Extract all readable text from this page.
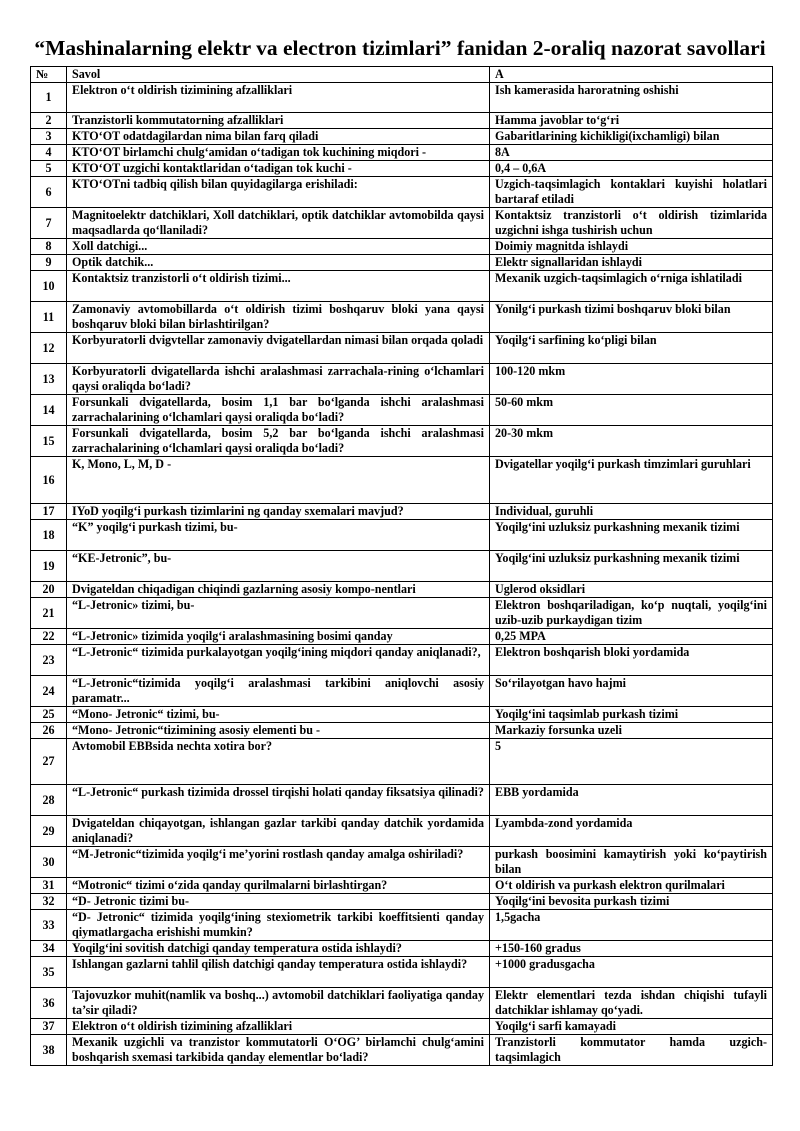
“Mashinalarning elektr va electron tizimlari” fanidan 2-oraliq nazorat savollari
№	Savol	A
1	Elektron o‘t oldirish tizimining afzalliklari	Ish kamerasida haroratning oshishi
2	Tranzistorli kommutatorning afzalliklari	Hamma javoblar to‘g‘ri
3	KTO‘OT odatdagilardan nima bilan farq qiladi	Gabaritlarining kichikligi(ixchamligi) bilan
4	KTO‘OT birlamchi chulg‘amidan o‘tadigan tok kuchining miqdori -	8A
5	KTO‘OT uzgichi kontaktlaridan o‘tadigan tok kuchi -	0,4 – 0,6A
6	KTO‘OTni tadbiq qilish bilan quyidagilarga erishiladi:	Uzgich-taqsimlagich kontaklari kuyishi holatlari bartaraf etiladi
7	Magnitoelektr datchiklari, Xoll datchiklari, optik datchiklar avtomobilda qaysi maqsadlarda qo‘llaniladi?	Kontaktsiz tranzistorli o‘t oldirish tizimlarida uzgichni ishga tushirish uchun
8	Xoll datchigi...	Doimiy magnitda ishlaydi
9	Optik datchik...	Elektr signallaridan ishlaydi
10	Kontaktsiz tranzistorli o‘t oldirish tizimi...	Mexanik uzgich-taqsimlagich o‘rniga ishlatiladi
11	Zamonaviy avtomobillarda o‘t oldirish tizimi boshqaruv bloki yana qaysi boshqaruv bloki bilan birlashtirilgan?	Yonilg‘i purkash tizimi boshqaruv bloki bilan
12	Korbyuratorli dvigvtellar zamonaviy dvigatellardan nimasi bilan orqada qoladi	Yoqilg‘i sarfining ko‘pligi bilan
13	Korbyuratorli dvigatellarda ishchi aralashmasi zarrachala-rining o‘lchamlari qaysi oraliqda bo‘ladi?	100-120 mkm
14	Forsunkali dvigatellarda, bosim 1,1 bar bo‘lganda ishchi aralashmasi zarrachalarining o‘lchamlari qaysi oraliqda bo‘ladi?	50-60 mkm
15	Forsunkali dvigatellarda, bosim 5,2 bar bo‘lganda ishchi aralashmasi zarrachalarining o‘lchamlari qaysi oraliqda bo‘ladi?	20-30 mkm
16	K, Mono, L, M, D -	Dvigatellar yoqilg‘i purkash timzimlari guruhlari
17	IYoD yoqilg‘i purkash tizimlarini ng qanday sxemalari mavjud?	Individual, guruhli
18	“K” yoqilg‘i purkash tizimi, bu-	Yoqilg‘ini uzluksiz purkashning mexanik tizimi
19	“KE-Jetronic”, bu-	Yoqilg‘ini uzluksiz purkashning mexanik tizimi
20	Dvigateldan chiqadigan chiqindi gazlarning asosiy kompo-nentlari	Uglerod oksidlari
21	“L-Jetronic» tizimi, bu-	Elektron boshqariladigan, ko‘p nuqtali, yoqilg‘ini uzib-uzib purkaydigan tizim
22	“L-Jetronic» tizimida yoqilg‘i aralashmasining bosimi qanday	0,25 MPA
23	“L-Jetronic“ tizimida purkalayotgan yoqilg‘ining miqdori qanday aniqlanadi?,	Elektron boshqarish bloki yordamida
24	“L-Jetronic“tizimida yoqilg‘i aralashmasi tarkibini aniqlovchi asosiy paramatr...	So‘rilayotgan havo hajmi
25	“Mono- Jetronic“ tizimi, bu-	Yoqilg‘ini taqsimlab purkash tizimi
26	“Mono- Jetronic“tizimining asosiy elementi bu -	Markaziy forsunka uzeli
27	Avtomobil EBBsida nechta xotira bor?	5
28	“L-Jetronic“ purkash tizimida drossel tirqishi holati qanday fiksatsiya qilinadi?	EBB yordamida
29	Dvigateldan chiqayotgan, ishlangan gazlar tarkibi qanday datchik yordamida aniqlanadi?	Lyambda-zond yordamida
30	“M-Jetronic“tizimida yoqilg‘i me’yorini rostlash qanday amalga oshiriladi?	purkash boosimini kamaytirish yoki ko‘paytirish bilan
31	“Motronic“ tizimi o‘zida qanday qurilmalarni birlashtirgan?	O‘t oldirish va purkash elektron qurilmalari
32	“D- Jetronic tizimi bu-	Yoqilg‘ini bevosita purkash tizimi
33	“D- Jetronic“ tizimida yoqilg‘ining stexiometrik tarkibi koeffitsienti qanday qiymatlargacha erishishi mumkin?	1,5gacha
34	Yoqilg‘ini sovitish datchigi qanday temperatura ostida ishlaydi?	+150-160 gradus
35	Ishlangan gazlarni tahlil qilish datchigi qanday temperatura ostida ishlaydi?	+1000 gradusgacha
36	Tajovuzkor muhit(namlik va boshq...) avtomobil datchiklari faoliyatiga qanday ta’sir qiladi?	Elektr elementlari tezda ishdan chiqishi tufayli datchiklar ishlamay qo‘yadi.
37	Elektron o‘t oldirish tizimining afzalliklari	Yoqilg‘i sarfi kamayadi
38	Mexanik uzgichli va tranzistor kommutatorli O‘OG’ birlamchi chulg‘amini boshqarish sxemasi tarkibida qanday elementlar bo‘ladi?	Tranzistorli kommutator hamda uzgich-taqsimlagich
